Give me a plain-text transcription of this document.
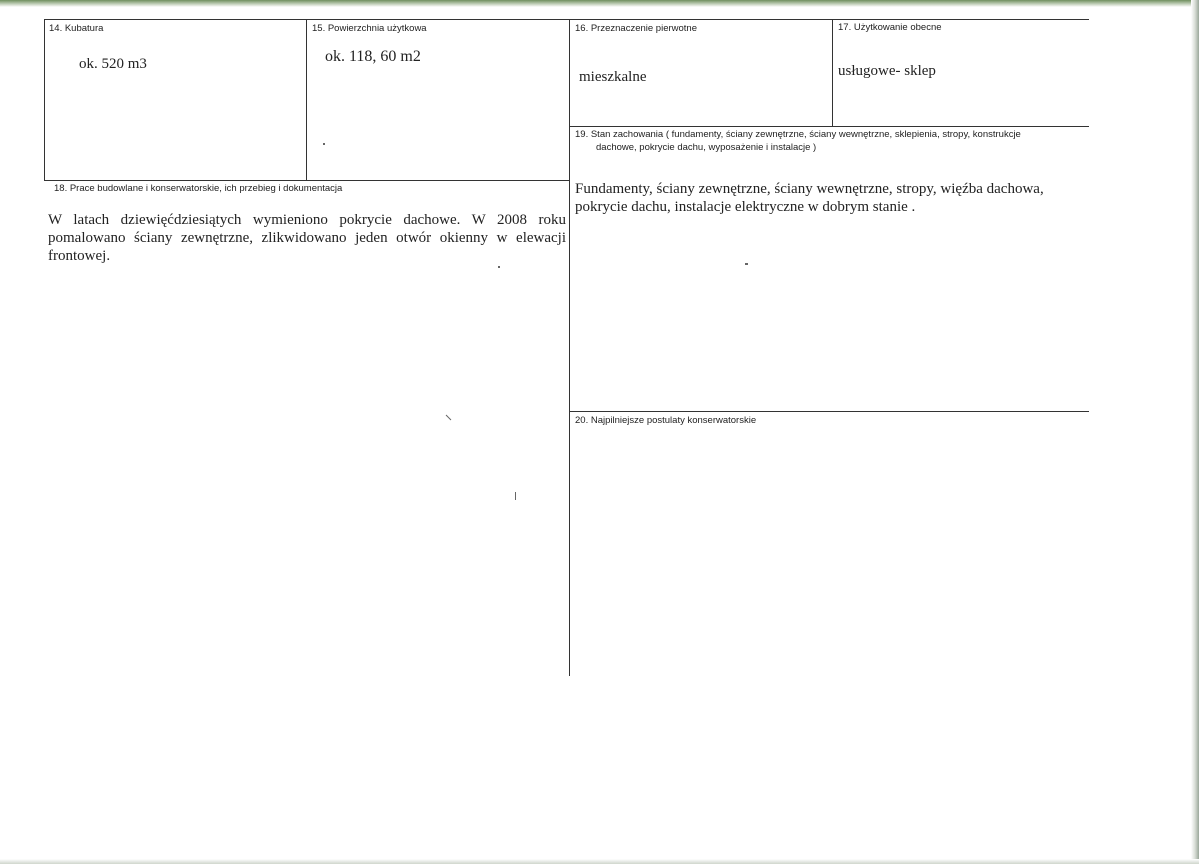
14. Kubatura
ok. 520 m3
15. Powierzchnia użytkowa
ok. 118, 60 m2
16. Przeznaczenie pierwotne
mieszkalne
17. Użytkowanie obecne
usługowe- sklep
18. Prace budowlane i konserwatorskie, ich przebieg i dokumentacja
W latach dziewięćdziesiątych wymieniono pokrycie dachowe. W 2008 roku pomalowano ściany zewnętrzne, zlikwidowano jeden otwór okienny w elewacji frontowej.
19. Stan zachowania ( fundamenty, ściany zewnętrzne, ściany wewnętrzne, sklepienia, stropy, konstrukcje
dachowe, pokrycie dachu, wyposażenie i instalacje )
Fundamenty, ściany zewnętrzne, ściany wewnętrzne, stropy, więźba dachowa, pokrycie dachu, instalacje elektryczne w dobrym stanie .
20. Najpilniejsze postulaty konserwatorskie
